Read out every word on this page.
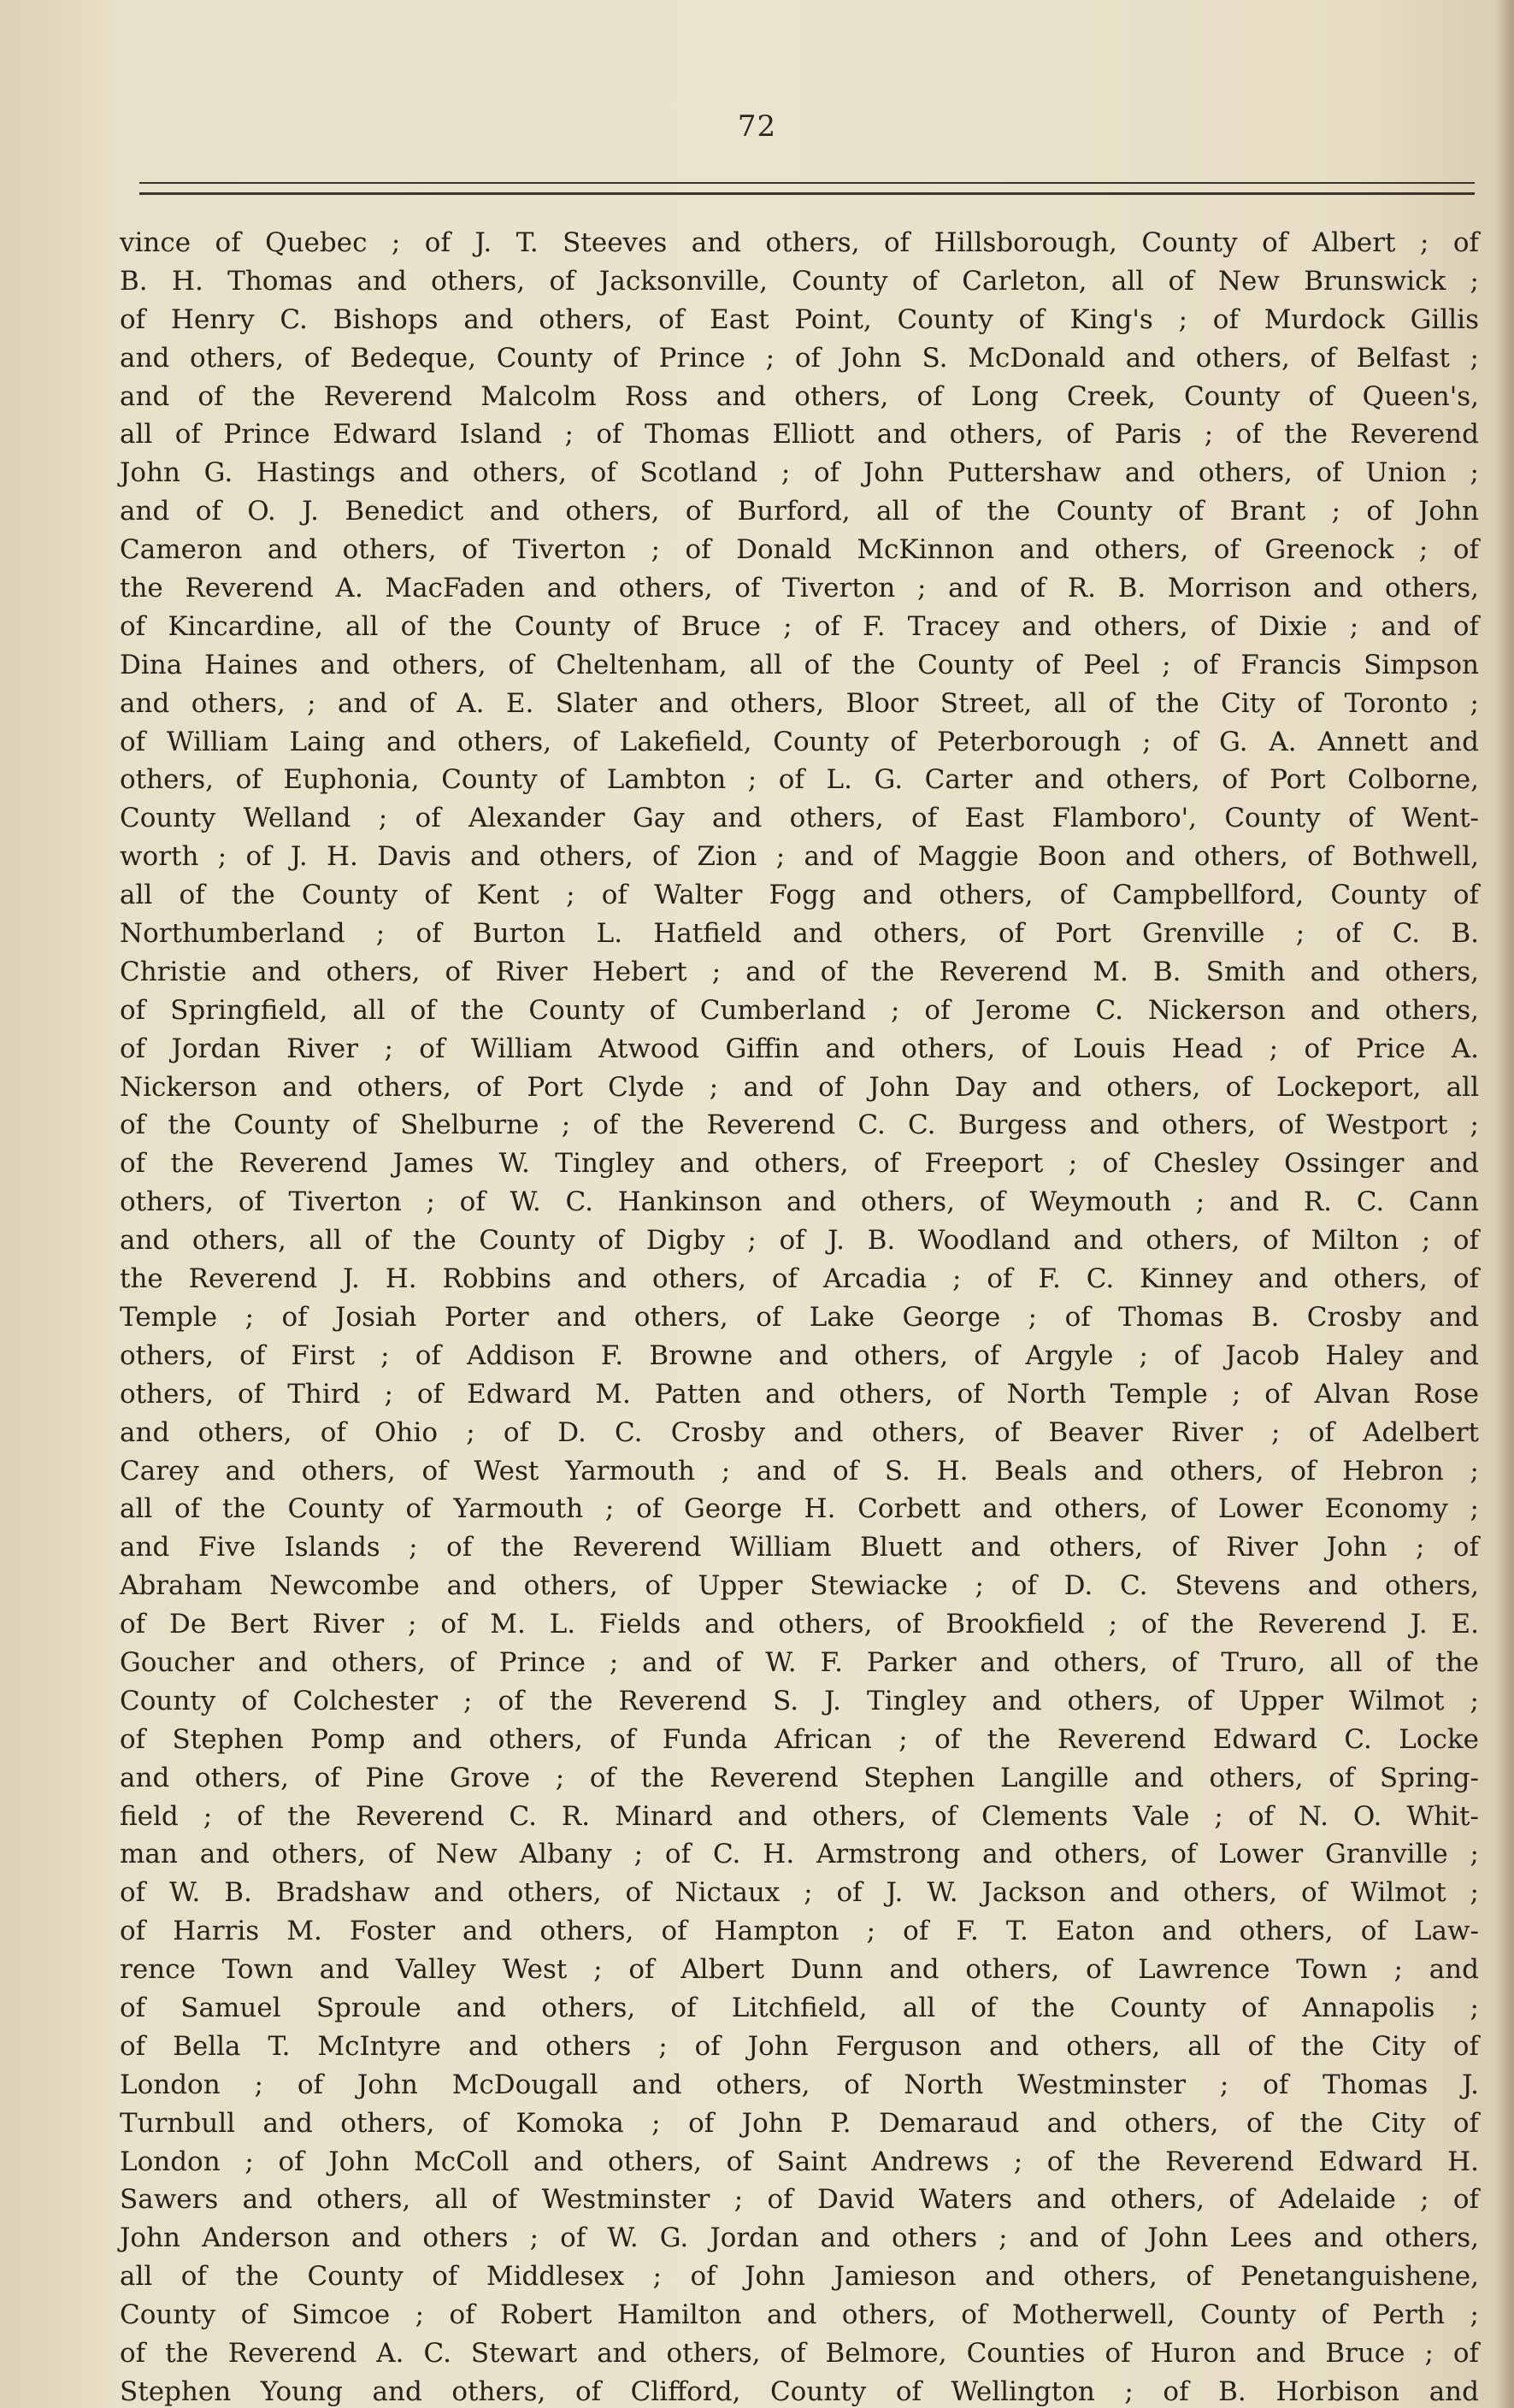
72
vince of Quebec ; of J. T. Steeves and others, of Hillsborough, County of Albert ; of
B. H. Thomas and others, of Jacksonville, County of Carleton, all of New Brunswick ;
of Henry C. Bishops and others, of East Point, County of King's ; of Murdock Gillis
and others, of Bedeque, County of Prince ; of John S. McDonald and others, of Belfast ;
and of the Reverend Malcolm Ross and others, of Long Creek, County of Queen's,
all of Prince Edward Island ; of Thomas Elliott and others, of Paris ; of the Reverend
John G. Hastings and others, of Scotland ; of John Puttershaw and others, of Union ;
and of O. J. Benedict and others, of Burford, all of the County of Brant ; of John
Cameron and others, of Tiverton ; of Donald McKinnon and others, of Greenock ; of
the Reverend A. MacFaden and others, of Tiverton ; and of R. B. Morrison and others,
of Kincardine, all of the County of Bruce ; of F. Tracey and others, of Dixie ; and of
Dina Haines and others, of Cheltenham, all of the County of Peel ; of Francis Simpson
and others, ; and of A. E. Slater and others, Bloor Street, all of the City of Toronto ;
of William Laing and others, of Lakefield, County of Peterborough ; of G. A. Annett and
others, of Euphonia, County of Lambton ; of L. G. Carter and others, of Port Colborne,
County Welland ; of Alexander Gay and others, of East Flamboro', County of Went-
worth ; of J. H. Davis and others, of Zion ; and of Maggie Boon and others, of Bothwell,
all of the County of Kent ; of Walter Fogg and others, of Campbellford, County of
Northumberland ; of Burton L. Hatfield and others, of Port Grenville ; of C. B.
Christie and others, of River Hebert ; and of the Reverend M. B. Smith and others,
of Springfield, all of the County of Cumberland ; of Jerome C. Nickerson and others,
of Jordan River ; of William Atwood Giffin and others, of Louis Head ; of Price A.
Nickerson and others, of Port Clyde ; and of John Day and others, of Lockeport, all
of the County of Shelburne ; of the Reverend C. C. Burgess and others, of Westport ;
of the Reverend James W. Tingley and others, of Freeport ; of Chesley Ossinger and
others, of Tiverton ; of W. C. Hankinson and others, of Weymouth ; and R. C. Cann
and others, all of the County of Digby ; of J. B. Woodland and others, of Milton ; of
the Reverend J. H. Robbins and others, of Arcadia ; of F. C. Kinney and others, of
Temple ; of Josiah Porter and others, of Lake George ; of Thomas B. Crosby and
others, of First ; of Addison F. Browne and others, of Argyle ; of Jacob Haley and
others, of Third ; of Edward M. Patten and others, of North Temple ; of Alvan Rose
and others, of Ohio ; of D. C. Crosby and others, of Beaver River ; of Adelbert
Carey and others, of West Yarmouth ; and of S. H. Beals and others, of Hebron ;
all of the County of Yarmouth ; of George H. Corbett and others, of Lower Economy ;
and Five Islands ; of the Reverend William Bluett and others, of River John ; of
Abraham Newcombe and others, of Upper Stewiacke ; of D. C. Stevens and others,
of De Bert River ; of M. L. Fields and others, of Brookfield ; of the Reverend J. E.
Goucher and others, of Prince ; and of W. F. Parker and others, of Truro, all of the
County of Colchester ; of the Reverend S. J. Tingley and others, of Upper Wilmot ;
of Stephen Pomp and others, of Funda African ; of the Reverend Edward C. Locke
and others, of Pine Grove ; of the Reverend Stephen Langille and others, of Spring-
field ; of the Reverend C. R. Minard and others, of Clements Vale ; of N. O. Whit-
man and others, of New Albany ; of C. H. Armstrong and others, of Lower Granville ;
of W. B. Bradshaw and others, of Nictaux ; of J. W. Jackson and others, of Wilmot ;
of Harris M. Foster and others, of Hampton ; of F. T. Eaton and others, of Law-
rence Town and Valley West ; of Albert Dunn and others, of Lawrence Town ; and
of Samuel Sproule and others, of Litchfield, all of the County of Annapolis ;
of Bella T. McIntyre and others ; of John Ferguson and others, all of the City of
London ; of John McDougall and others, of North Westminster ; of Thomas J.
Turnbull and others, of Komoka ; of John P. Demaraud and others, of the City of
London ; of John McColl and others, of Saint Andrews ; of the Reverend Edward H.
Sawers and others, all of Westminster ; of David Waters and others, of Adelaide ; of
John Anderson and others ; of W. G. Jordan and others ; and of John Lees and others,
all of the County of Middlesex ; of John Jamieson and others, of Penetanguishene,
County of Simcoe ; of Robert Hamilton and others, of Motherwell, County of Perth ;
of the Reverend A. C. Stewart and others, of Belmore, Counties of Huron and Bruce ; of
Stephen Young and others, of Clifford, County of Wellington ; of B. Horbison and
